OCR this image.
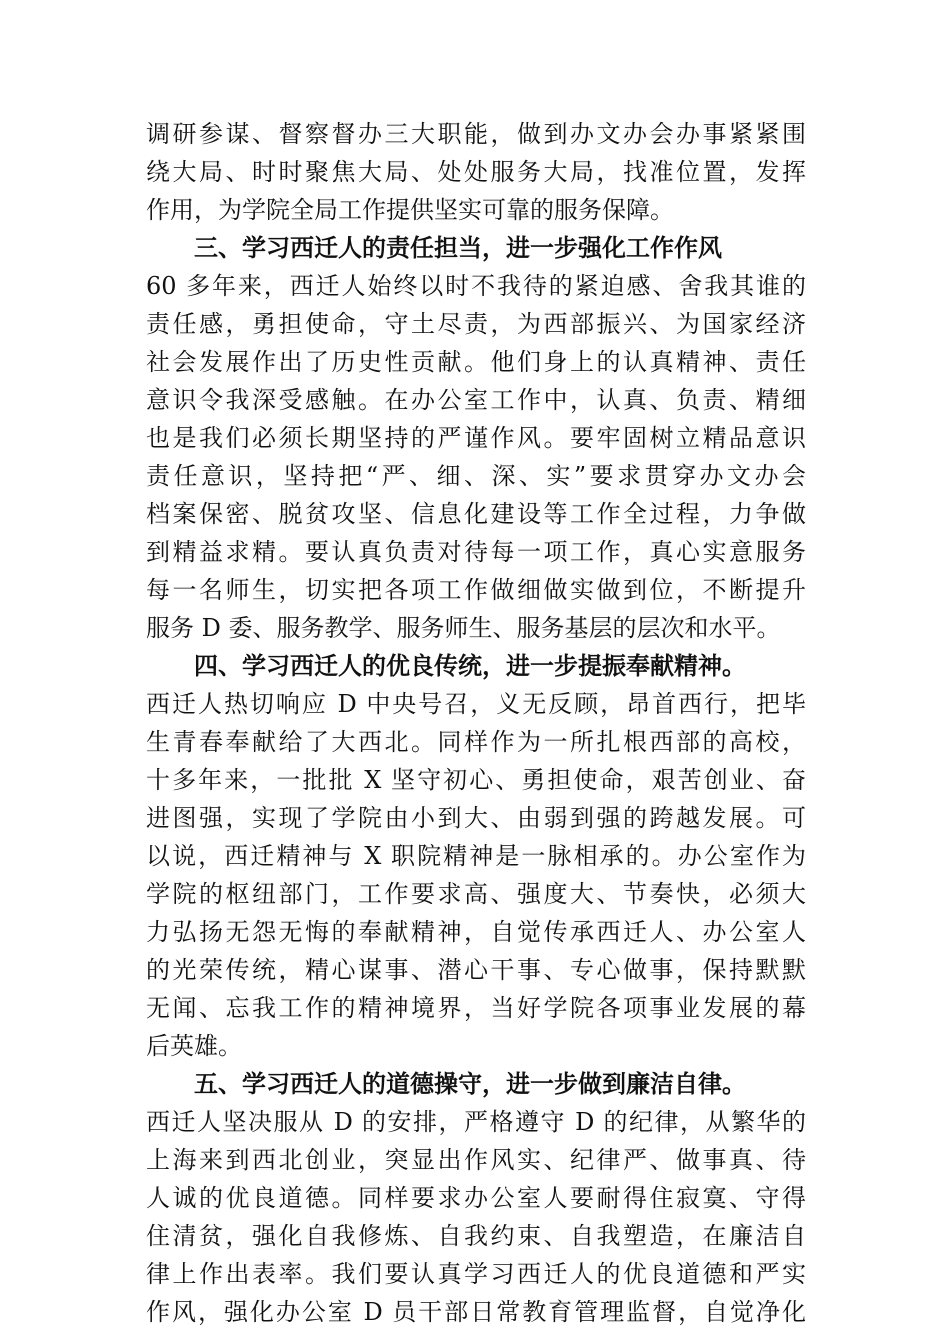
调研参谋、督察督办三大职能，做到办文办会办事紧紧围
绕大局、时时聚焦大局、处处服务大局，找准位置，发挥
作用，为学院全局工作提供坚实可靠的服务保障。
三、学习西迁人的责任担当，进一步强化工作作风
60 多年来，西迁人始终以时不我待的紧迫感、舍我其谁的
责任感，勇担使命，守土尽责，为西部振兴、为国家经济
社会发展作出了历史性贡献。他们身上的认真精神、责任
意识令我深受感触。在办公室工作中，认真、负责、精细
也是我们必须长期坚持的严谨作风。要牢固树立精品意识
责任意识，坚持把“严、细、深、实”要求贯穿办文办会
档案保密、脱贫攻坚、信息化建设等工作全过程，力争做
到精益求精。要认真负责对待每一项工作，真心实意服务
每一名师生，切实把各项工作做细做实做到位，不断提升
服务 D 委、服务教学、服务师生、服务基层的层次和水平。
四、学习西迁人的优良传统，进一步提振奉献精神。
西迁人热切响应 D 中央号召，义无反顾，昂首西行，把毕
生青春奉献给了大西北。同样作为一所扎根西部的高校，
十多年来，一批批 X 坚守初心、勇担使命，艰苦创业、奋
进图强，实现了学院由小到大、由弱到强的跨越发展。可
以说，西迁精神与 X 职院精神是一脉相承的。办公室作为
学院的枢纽部门，工作要求高、强度大、节奏快，必须大
力弘扬无怨无悔的奉献精神，自觉传承西迁人、办公室人
的光荣传统，精心谋事、潜心干事、专心做事，保持默默
无闻、忘我工作的精神境界，当好学院各项事业发展的幕
后英雄。
五、学习西迁人的道德操守，进一步做到廉洁自律。
西迁人坚决服从 D 的安排，严格遵守 D 的纪律，从繁华的
上海来到西北创业，突显出作风实、纪律严、做事真、待
人诚的优良道德。同样要求办公室人要耐得住寂寞、守得
住清贫，强化自我修炼、自我约束、自我塑造，在廉洁自
律上作出表率。我们要认真学习西迁人的优良道德和严实
作风，强化办公室 D 员干部日常教育管理监督，自觉净化
